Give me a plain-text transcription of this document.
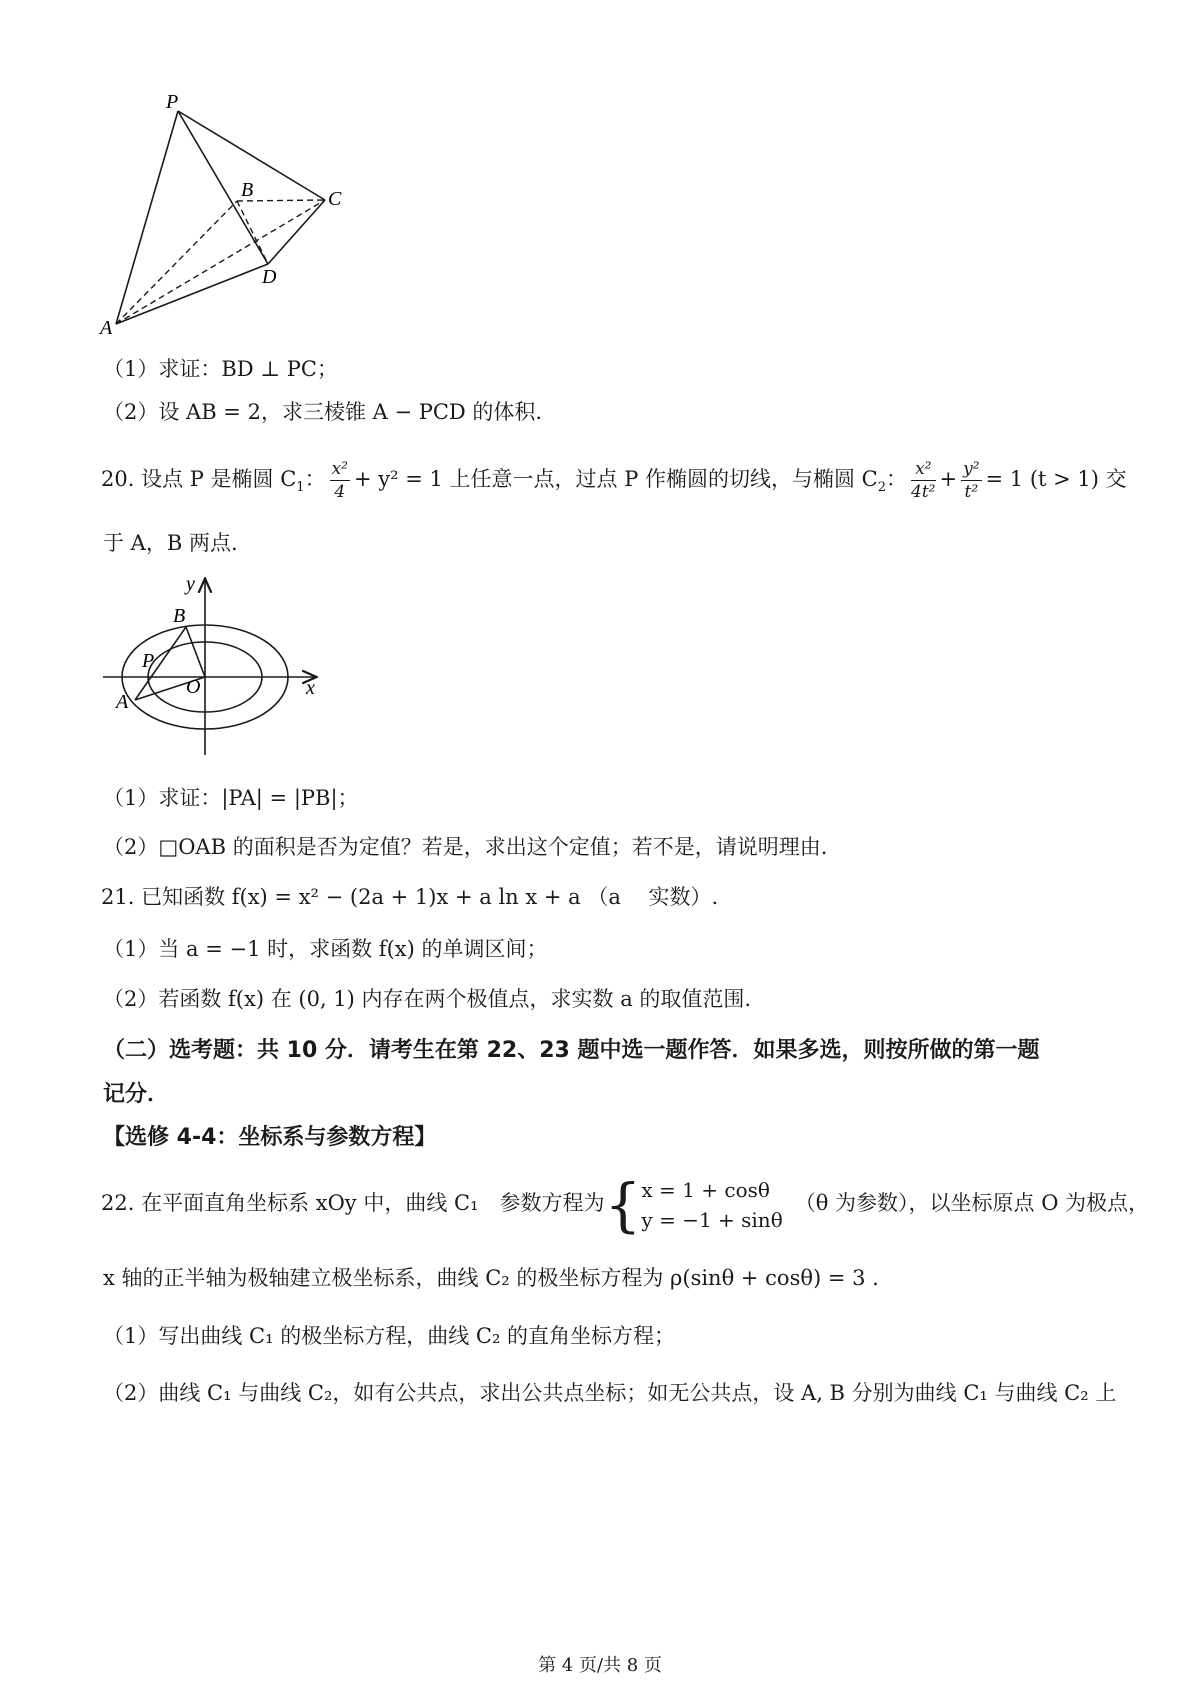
P
B	C
D
A
（1）求证：BD ⊥ PC；
（2）设 AB = 2，求三棱锥 A − PCD 的体积.
20. 设点 P 是椭圆 $C_1$： $\frac{\text{x²}}{4} + y^2 = 1$ 上任意一点，过点 P 作椭圆的切线，与椭圆 $C_2$： $\frac{\text{x²}}{\text{4t²}} + \frac{\text{y²}}{\text{t²}} = 1$ (t > 1) 交
于 A，B 两点.
y
B
P
O	x
A
（1）求证：|PA| = |PB|；
（2）□OAB 的面积是否为定值？若是，求出这个定值；若不是，请说明理由.
21. 已知函数 f(x) = x² − (2a + 1)x + a ln x + a （a 　实数）.
（1）当 a = −1 时，求函数 f(x) 的单调区间；
（2）若函数 f(x) 在 (0, 1) 内存在两个极值点，求实数 a 的取值范围.
（二）选考题：共 10 分．请考生在第 22、23 题中选一题作答．如果多选，则按所做的第一题
记分．
【选修 4-4：坐标系与参数方程】
22. 在平面直角坐标系 xOy 中，曲线 C₁　参数方程为{ x = 1 + cosθ
y = −1 + sinθ
（θ 为参数），以坐标原点 O 为极点，
x 轴的正半轴为极轴建立极坐标系，曲线 C₂ 的极坐标方程为 ρ(sinθ + cosθ) = 3 .
（1）写出曲线 C₁ 的极坐标方程，曲线 C₂ 的直角坐标方程；
（2）曲线 C₁ 与曲线 C₂，如有公共点，求出公共点坐标；如无公共点，设 A, B 分别为曲线 C₁ 与曲线 C₂ 上
第 4 页/共 8 页
